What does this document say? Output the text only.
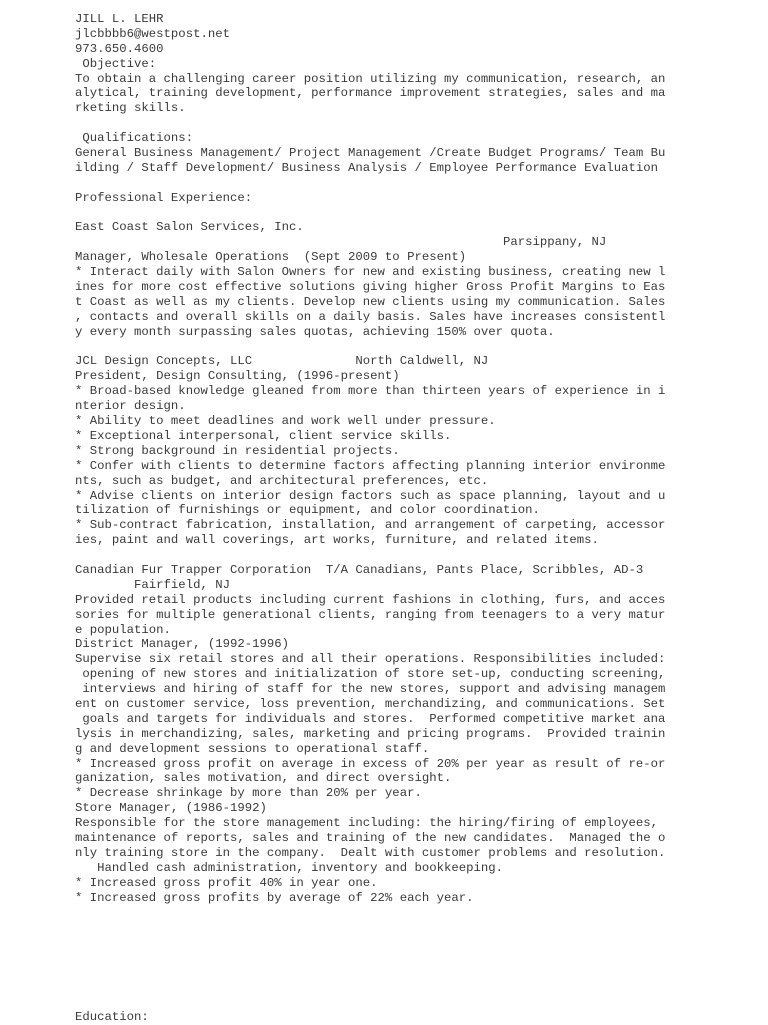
JILL L. LEHR
jlcbbbb6@westpost.net
973.650.4600
Objective:
To obtain a challenging career position utilizing my communication, research, an
alytical, training development, performance improvement strategies, sales and ma
rketing skills.
Qualifications:
General Business Management/ Project Management /Create Budget Programs/ Team Bu
ilding / Staff Development/ Business Analysis / Employee Performance Evaluation
Professional Experience:
East Coast Salon Services, Inc.
Parsippany, NJ
Manager, Wholesale Operations  (Sept 2009 to Present)
* Interact daily with Salon Owners for new and existing business, creating new l
ines for more cost effective solutions giving higher Gross Profit Margins to Eas
t Coast as well as my clients. Develop new clients using my communication. Sales
, contacts and overall skills on a daily basis. Sales have increases consistentl
y every month surpassing sales quotas, achieving 150% over quota.
JCL Design Concepts, LLC              North Caldwell, NJ
President, Design Consulting, (1996-present)
* Broad-based knowledge gleaned from more than thirteen years of experience in i
nterior design.
* Ability to meet deadlines and work well under pressure.
* Exceptional interpersonal, client service skills.
* Strong background in residential projects.
* Confer with clients to determine factors affecting planning interior environme
nts, such as budget, and architectural preferences, etc.
* Advise clients on interior design factors such as space planning, layout and u
tilization of furnishings or equipment, and color coordination.
* Sub-contract fabrication, installation, and arrangement of carpeting, accessor
ies, paint and wall coverings, art works, furniture, and related items.
Canadian Fur Trapper Corporation  T/A Canadians, Pants Place, Scribbles, AD-3
Fairfield, NJ
Provided retail products including current fashions in clothing, furs, and acces
sories for multiple generational clients, ranging from teenagers to a very matur
e population.
District Manager, (1992-1996)
Supervise six retail stores and all their operations. Responsibilities included:
opening of new stores and initialization of store set-up, conducting screening,
interviews and hiring of staff for the new stores, support and advising managem
ent on customer service, loss prevention, merchandizing, and communications. Set
goals and targets for individuals and stores.  Performed competitive market ana
lysis in merchandizing, sales, marketing and pricing programs.  Provided trainin
g and development sessions to operational staff.
* Increased gross profit on average in excess of 20% per year as result of re-or
ganization, sales motivation, and direct oversight.
* Decrease shrinkage by more than 20% per year.
Store Manager, (1986-1992)
Responsible for the store management including: the hiring/firing of employees,
maintenance of reports, sales and training of the new candidates.  Managed the o
nly training store in the company.  Dealt with customer problems and resolution.
Handled cash administration, inventory and bookkeeping.
* Increased gross profit 40% in year one.
* Increased gross profits by average of 22% each year.
Education:
